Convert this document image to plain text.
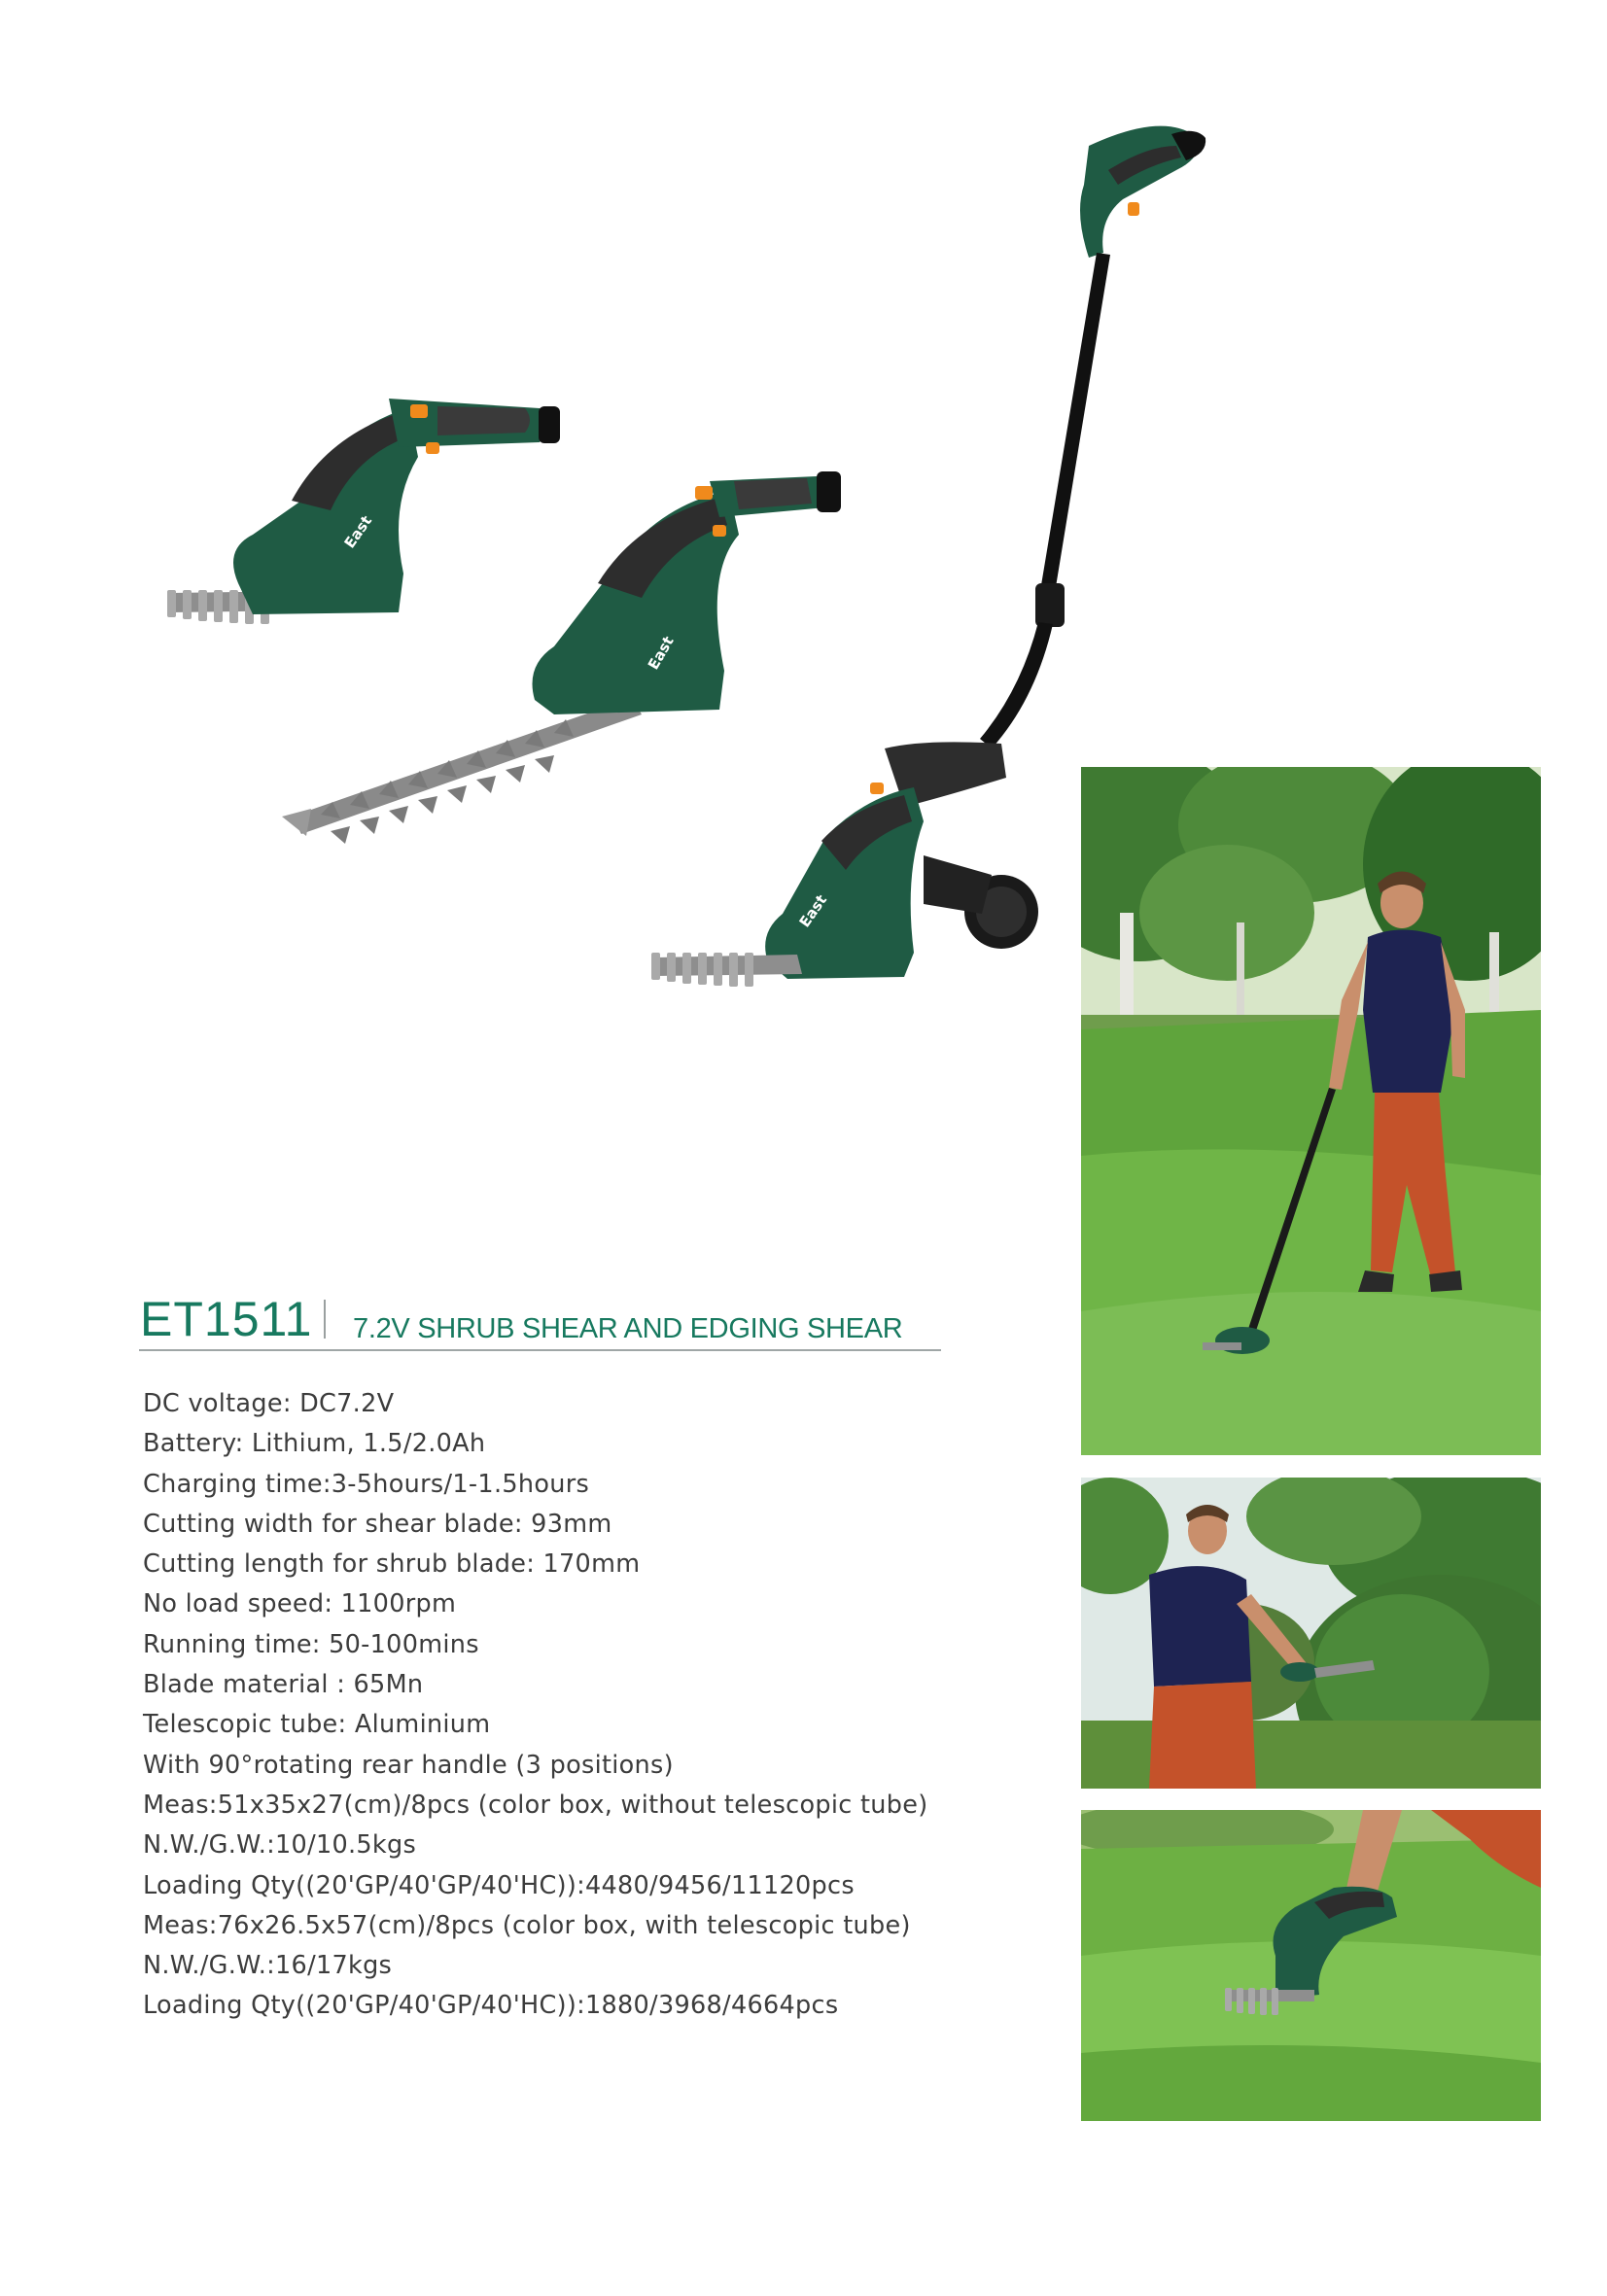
East
East
East
ET1511 7.2V SHRUB SHEAR AND EDGING SHEAR
DC voltage: DC7.2V
Battery: Lithium, 1.5/2.0Ah
Charging time:3-5hours/1-1.5hours
Cutting width for shear blade: 93mm
Cutting length for shrub blade: 170mm
No load speed: 1100rpm
Running time: 50-100mins
Blade material : 65Mn
Telescopic tube: Aluminium
With 90°rotating rear handle (3 positions)
Meas:51x35x27(cm)/8pcs (color box, without telescopic tube)
N.W./G.W.:10/10.5kgs
Loading Qty((20'GP/40'GP/40'HC)):4480/9456/11120pcs
Meas:76x26.5x57(cm)/8pcs (color box, with telescopic tube)
N.W./G.W.:16/17kgs
Loading Qty((20'GP/40'GP/40'HC)):1880/3968/4664pcs
